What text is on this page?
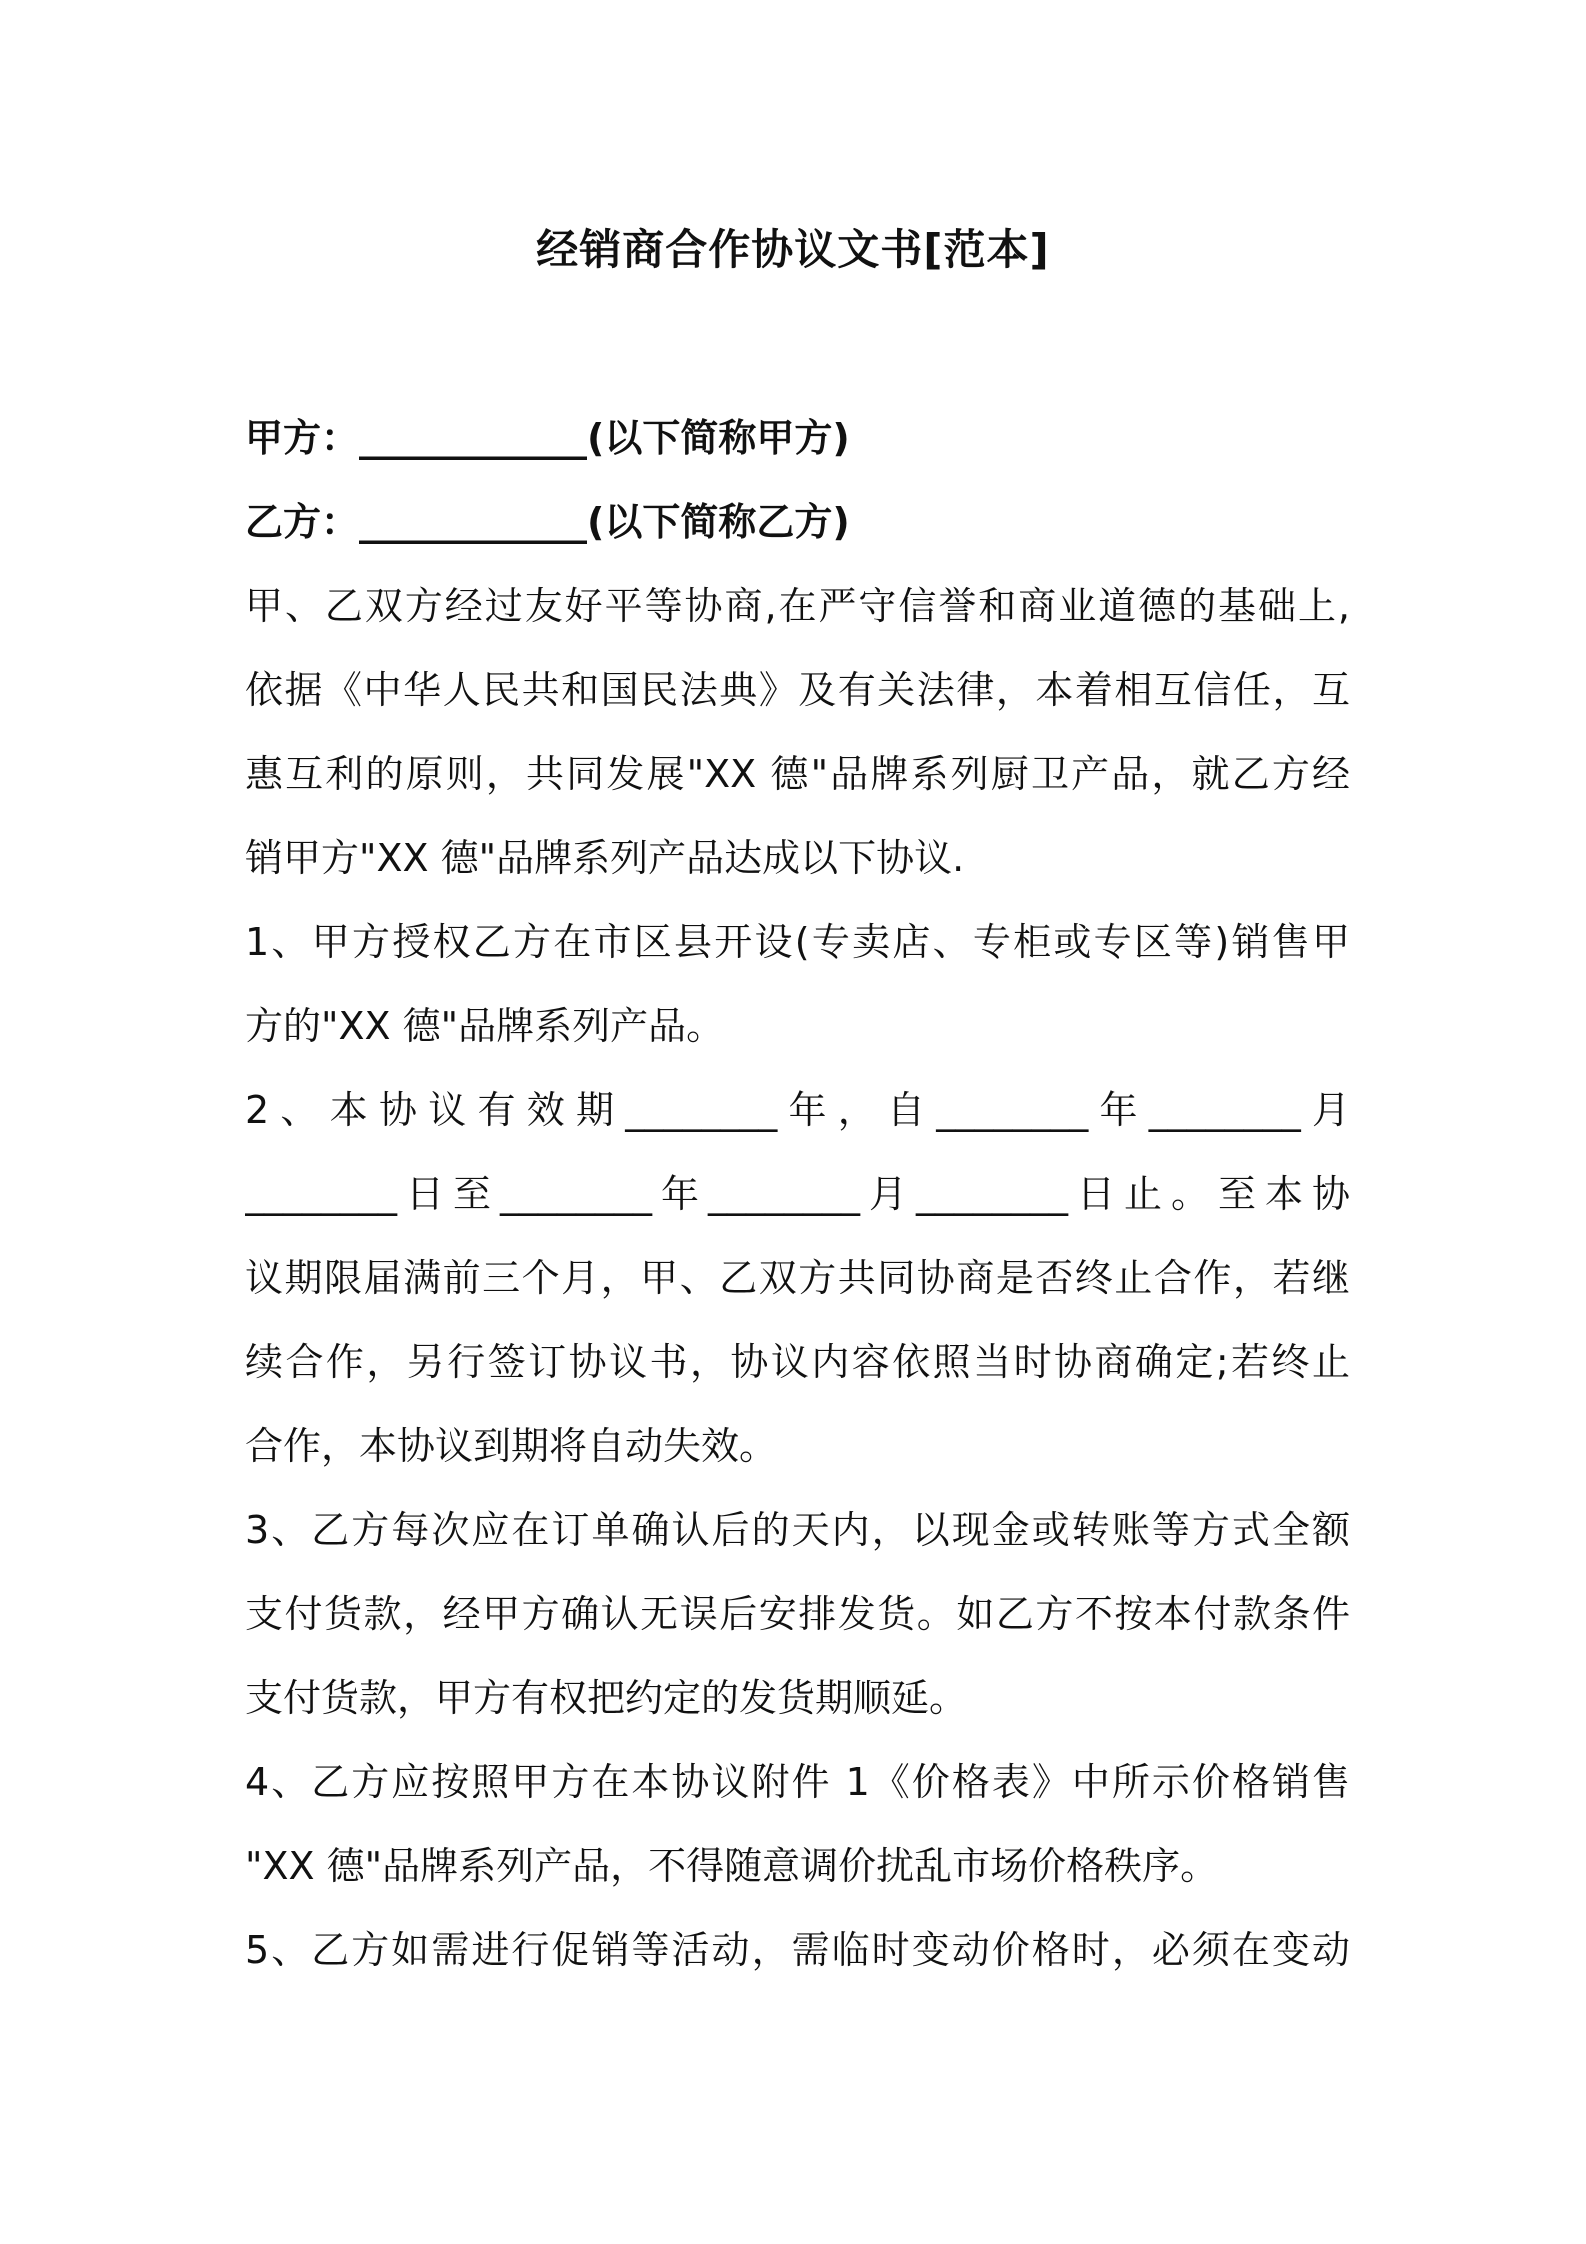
经销商合作协议文书[范本]
甲方：____________(以下简称甲方)
乙方：____________(以下简称乙方)
甲、乙双方经过友好平等协商,在严守信誉和商业道德的基础上,
依据《中华人民共和国民法典》及有关法律，本着相互信任，互
惠互利的原则，共同发展"XX 德"品牌系列厨卫产品，就乙方经
销甲方"XX 德"品牌系列产品达成以下协议.
1、甲方授权乙方在市区县开设(专卖店、专柜或专区等)销售甲
方的"XX 德"品牌系列产品。
2、本协议有效期________年，自________年________月
________日至________年________月________日止。至本协
议期限届满前三个月，甲、乙双方共同协商是否终止合作，若继
续合作，另行签订协议书，协议内容依照当时协商确定;若终止
合作，本协议到期将自动失效。
3、乙方每次应在订单确认后的天内，以现金或转账等方式全额
支付货款，经甲方确认无误后安排发货。如乙方不按本付款条件
支付货款，甲方有权把约定的发货期顺延。
4、乙方应按照甲方在本协议附件 1《价格表》中所示价格销售
"XX 德"品牌系列产品，不得随意调价扰乱市场价格秩序。
5、乙方如需进行促销等活动，需临时变动价格时，必须在变动
